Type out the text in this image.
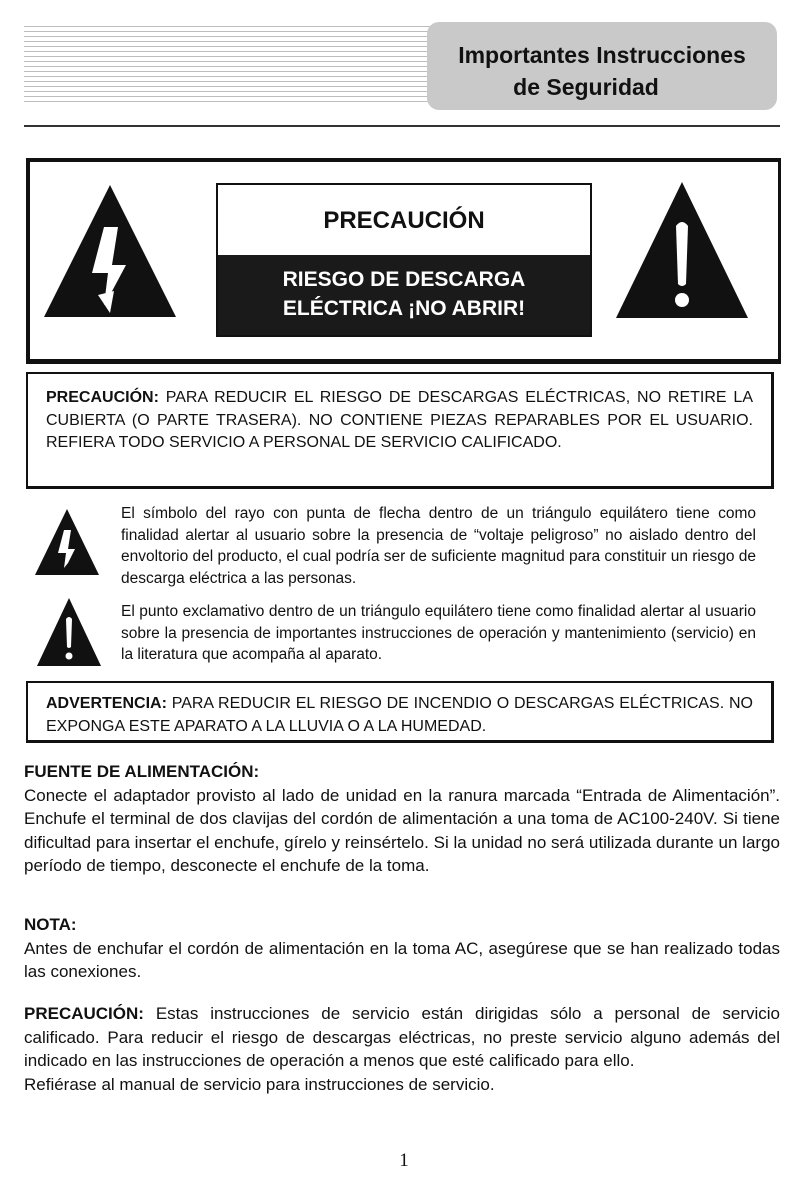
Importantes Instrucciones
de Seguridad
PRECAUCIÓN
RIESGO DE DESCARGA
ELÉCTRICA ¡NO ABRIR!
PRECAUCIÓN: PARA REDUCIR EL RIESGO DE DESCARGAS ELÉCTRICAS, NO RETIRE LA CUBIERTA (O PARTE TRASERA). NO CONTIENE PIEZAS REPARABLES POR EL USUARIO. REFIERA TODO SERVICIO A PERSONAL DE SERVICIO CALIFICADO.
El símbolo del rayo con punta de flecha dentro de un triángulo equilátero tiene como finalidad alertar al usuario sobre la presencia de “voltaje peligroso” no aislado dentro del envoltorio del producto, el cual podría ser de suficiente magnitud para constituir un riesgo de descarga eléctrica a las personas.
El punto exclamativo dentro de un triángulo equilátero tiene como finalidad alertar al usuario sobre la presencia de importantes instrucciones de operación y mantenimiento (servicio) en la literatura que acompaña al aparato.
ADVERTENCIA: PARA REDUCIR EL RIESGO DE INCENDIO O DESCARGAS ELÉCTRICAS. NO EXPONGA ESTE APARATO A LA LLUVIA O A LA HUMEDAD.
FUENTE DE ALIMENTACIÓN:
Conecte el adaptador provisto al lado de unidad en la ranura marcada “Entrada de Alimentación”. Enchufe el terminal de dos clavijas del cordón de alimentación a una toma de AC100-240V. Si tiene dificultad para insertar el enchufe, gírelo y reinsértelo. Si la unidad no será utilizada durante un largo período de tiempo, desconecte el enchufe de la toma.
NOTA:
Antes de enchufar el cordón de alimentación en la toma AC, asegúrese que se han realizado todas las conexiones.
PRECAUCIÓN: Estas instrucciones de servicio están dirigidas sólo a personal de servicio calificado. Para reducir el riesgo de descargas eléctricas, no preste servicio alguno además del indicado en las instrucciones de operación a menos que esté calificado para ello.
Refiérase al manual de servicio para instrucciones de servicio.
1
